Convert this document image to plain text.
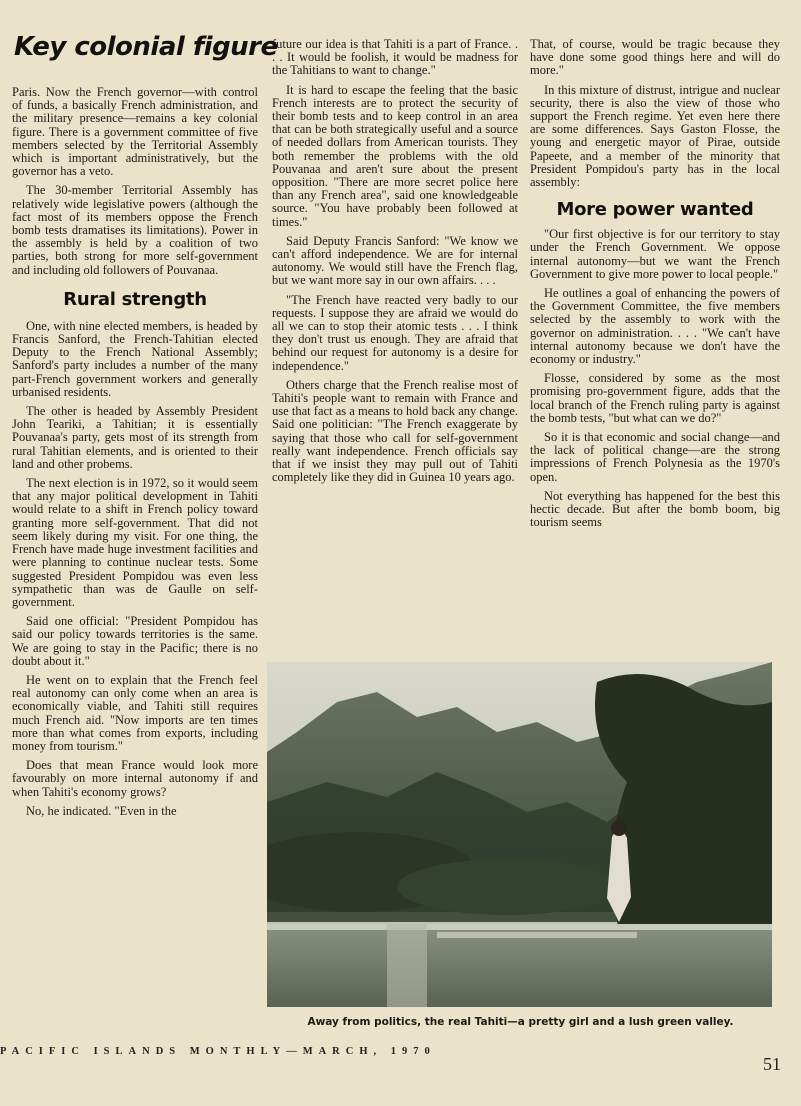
Key colonial figure

Paris. Now the French governor—with control of funds, a basically French administration, and the military presence—remains a key colonial figure. There is a government committee of five members selected by the Territorial Assembly which is important administratively, but the governor has a veto.

The 30-member Territorial Assembly has relatively wide legislative powers (although the fact most of its members oppose the French bomb tests dramatises its limitations). Power in the assembly is held by a coalition of two parties, both strong for more self-government and including old followers of Pouvanaa.

Rural strength

One, with nine elected members, is headed by Francis Sanford, the French-Tahitian elected Deputy to the French National Assembly; Sanford's party includes a number of the many part-French government workers and generally urbanised residents.

The other is headed by Assembly President John Teariki, a Tahitian; it is essentially Pouvanaa's party, gets most of its strength from rural Tahitian elements, and is oriented to their land and other probems.

The next election is in 1972, so it would seem that any major political development in Tahiti would relate to a shift in French policy toward granting more self-government. That did not seem likely during my visit. For one thing, the French have made huge investment facilities and were planning to continue nuclear tests. Some suggested President Pompidou was even less sympathetic than was de Gaulle on self-government.

Said one official: "President Pompidou has said our policy towards territories is the same. We are going to stay in the Pacific; there is no doubt about it."

He went on to explain that the French feel real autonomy can only come when an area is economically viable, and Tahiti still requires much French aid. "Now imports are ten times more than what comes from exports, including money from tourism."

Does that mean France would look more favourably on more internal autonomy if and when Tahiti's economy grows?

No, he indicated. "Even in the

future our idea is that Tahiti is a part of France. . . . It would be foolish, it would be madness for the Tahitians to want to change."

It is hard to escape the feeling that the basic French interests are to protect the security of their bomb tests and to keep control in an area that can be both strategically useful and a source of needed dollars from American tourists. They both remember the problems with the old Pouvanaa and aren't sure about the present opposition. "There are more secret police here than any French area", said one knowledgeable source. "You have probably been followed at times."

Said Deputy Francis Sanford: "We know we can't afford independence. We are for internal autonomy. We would still have the French flag, but we want more say in our own affairs. . . .

"The French have reacted very badly to our requests. I suppose they are afraid we would do all we can to stop their atomic tests . . . I think they don't trust us enough. They are afraid that behind our request for autonomy is a desire for independence."

Others charge that the French realise most of Tahiti's people want to remain with France and use that fact as a means to hold back any change. Said one politician: "The French exaggerate by saying that those who call for self-government really want independence. French officials say that if we insist they may pull out of Tahiti completely like they did in Guinea 10 years ago.

That, of course, would be tragic because they have done some good things here and will do more."

In this mixture of distrust, intrigue and nuclear security, there is also the view of those who support the French regime. Yet even here there are some differences. Says Gaston Flosse, the young and energetic mayor of Pirae, outside Papeete, and a member of the minority that President Pompidou's party has in the local assembly:

More power wanted

"Our first objective is for our territory to stay under the French Government. We oppose internal autonomy—but we want the French Government to give more power to local people."

He outlines a goal of enhancing the powers of the Government Committee, the five members selected by the assembly to work with the governor on administration. . . . "We can't have internal autonomy because we don't have the economy or industry."

Flosse, considered by some as the most promising pro-government figure, adds that the local branch of the French ruling party is against the bomb tests, "but what can we do?"

So it is that economic and social change—and the lack of political change—are the strong impressions of French Polynesia as the 1970's open.

Not everything has happened for the best this hectic decade. But after the bomb boom, big tourism seems

Away from politics, the real Tahiti—a pretty girl and a lush green valley.
PACIFIC ISLANDS MONTHLY—MARCH, 1970
51
